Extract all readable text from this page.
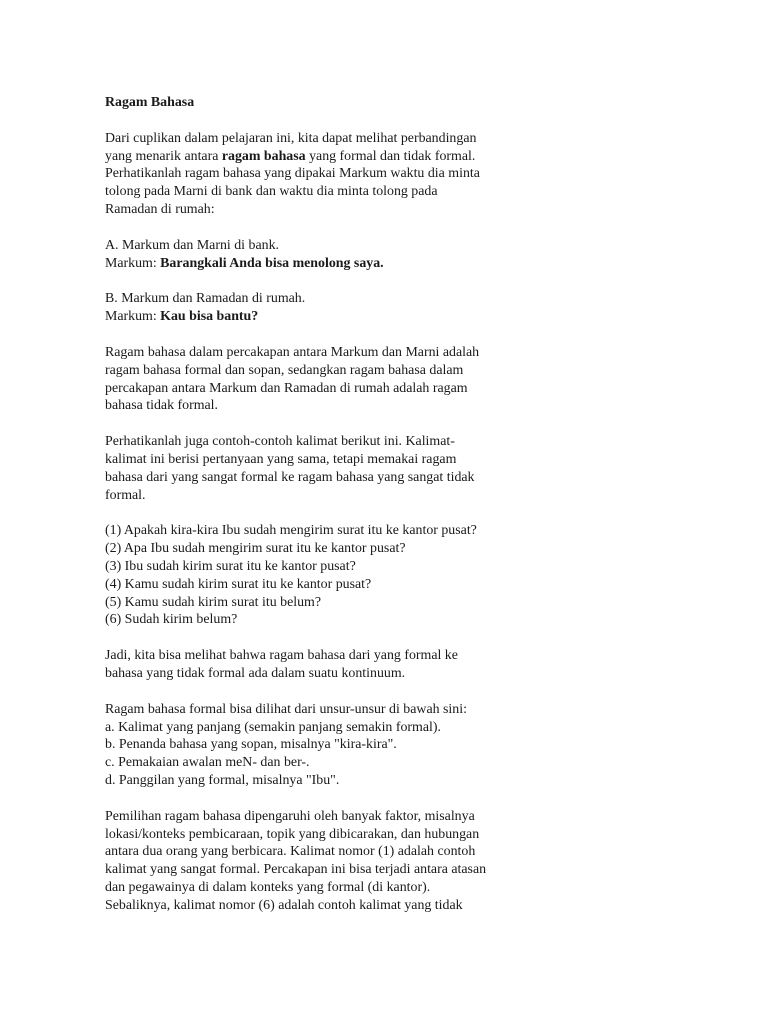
Ragam Bahasa
Dari cuplikan dalam pelajaran ini, kita dapat melihat perbandingan
yang menarik antara ragam bahasa yang formal dan tidak formal.
Perhatikanlah ragam bahasa yang dipakai Markum waktu dia minta
tolong pada Marni di bank dan waktu dia minta tolong pada
Ramadan di rumah:
A. Markum dan Marni di bank.
Markum: Barangkali Anda bisa menolong saya.
B. Markum dan Ramadan di rumah.
Markum: Kau bisa bantu?
Ragam bahasa dalam percakapan antara Markum dan Marni adalah
ragam bahasa formal dan sopan, sedangkan ragam bahasa dalam
percakapan antara Markum dan Ramadan di rumah adalah ragam
bahasa tidak formal.
Perhatikanlah juga contoh-contoh kalimat berikut ini. Kalimat-
kalimat ini berisi pertanyaan yang sama, tetapi memakai ragam
bahasa dari yang sangat formal ke ragam bahasa yang sangat tidak
formal.
(1) Apakah kira-kira Ibu sudah mengirim surat itu ke kantor pusat?
(2) Apa Ibu sudah mengirim surat itu ke kantor pusat?
(3) Ibu sudah kirim surat itu ke kantor pusat?
(4) Kamu sudah kirim surat itu ke kantor pusat?
(5) Kamu sudah kirim surat itu belum?
(6) Sudah kirim belum?
Jadi, kita bisa melihat bahwa ragam bahasa dari yang formal ke
bahasa yang tidak formal ada dalam suatu kontinuum.
Ragam bahasa formal bisa dilihat dari unsur-unsur di bawah sini:
a. Kalimat yang panjang (semakin panjang semakin formal).
b. Penanda bahasa yang sopan, misalnya "kira-kira".
c. Pemakaian awalan meN- dan ber-.
d. Panggilan yang formal, misalnya "Ibu".
Pemilihan ragam bahasa dipengaruhi oleh banyak faktor, misalnya
lokasi/konteks pembicaraan, topik yang dibicarakan, dan hubungan
antara dua orang yang berbicara. Kalimat nomor (1) adalah contoh
kalimat yang sangat formal. Percakapan ini bisa terjadi antara atasan
dan pegawainya di dalam konteks yang formal (di kantor).
Sebaliknya, kalimat nomor (6) adalah contoh kalimat yang tidak
